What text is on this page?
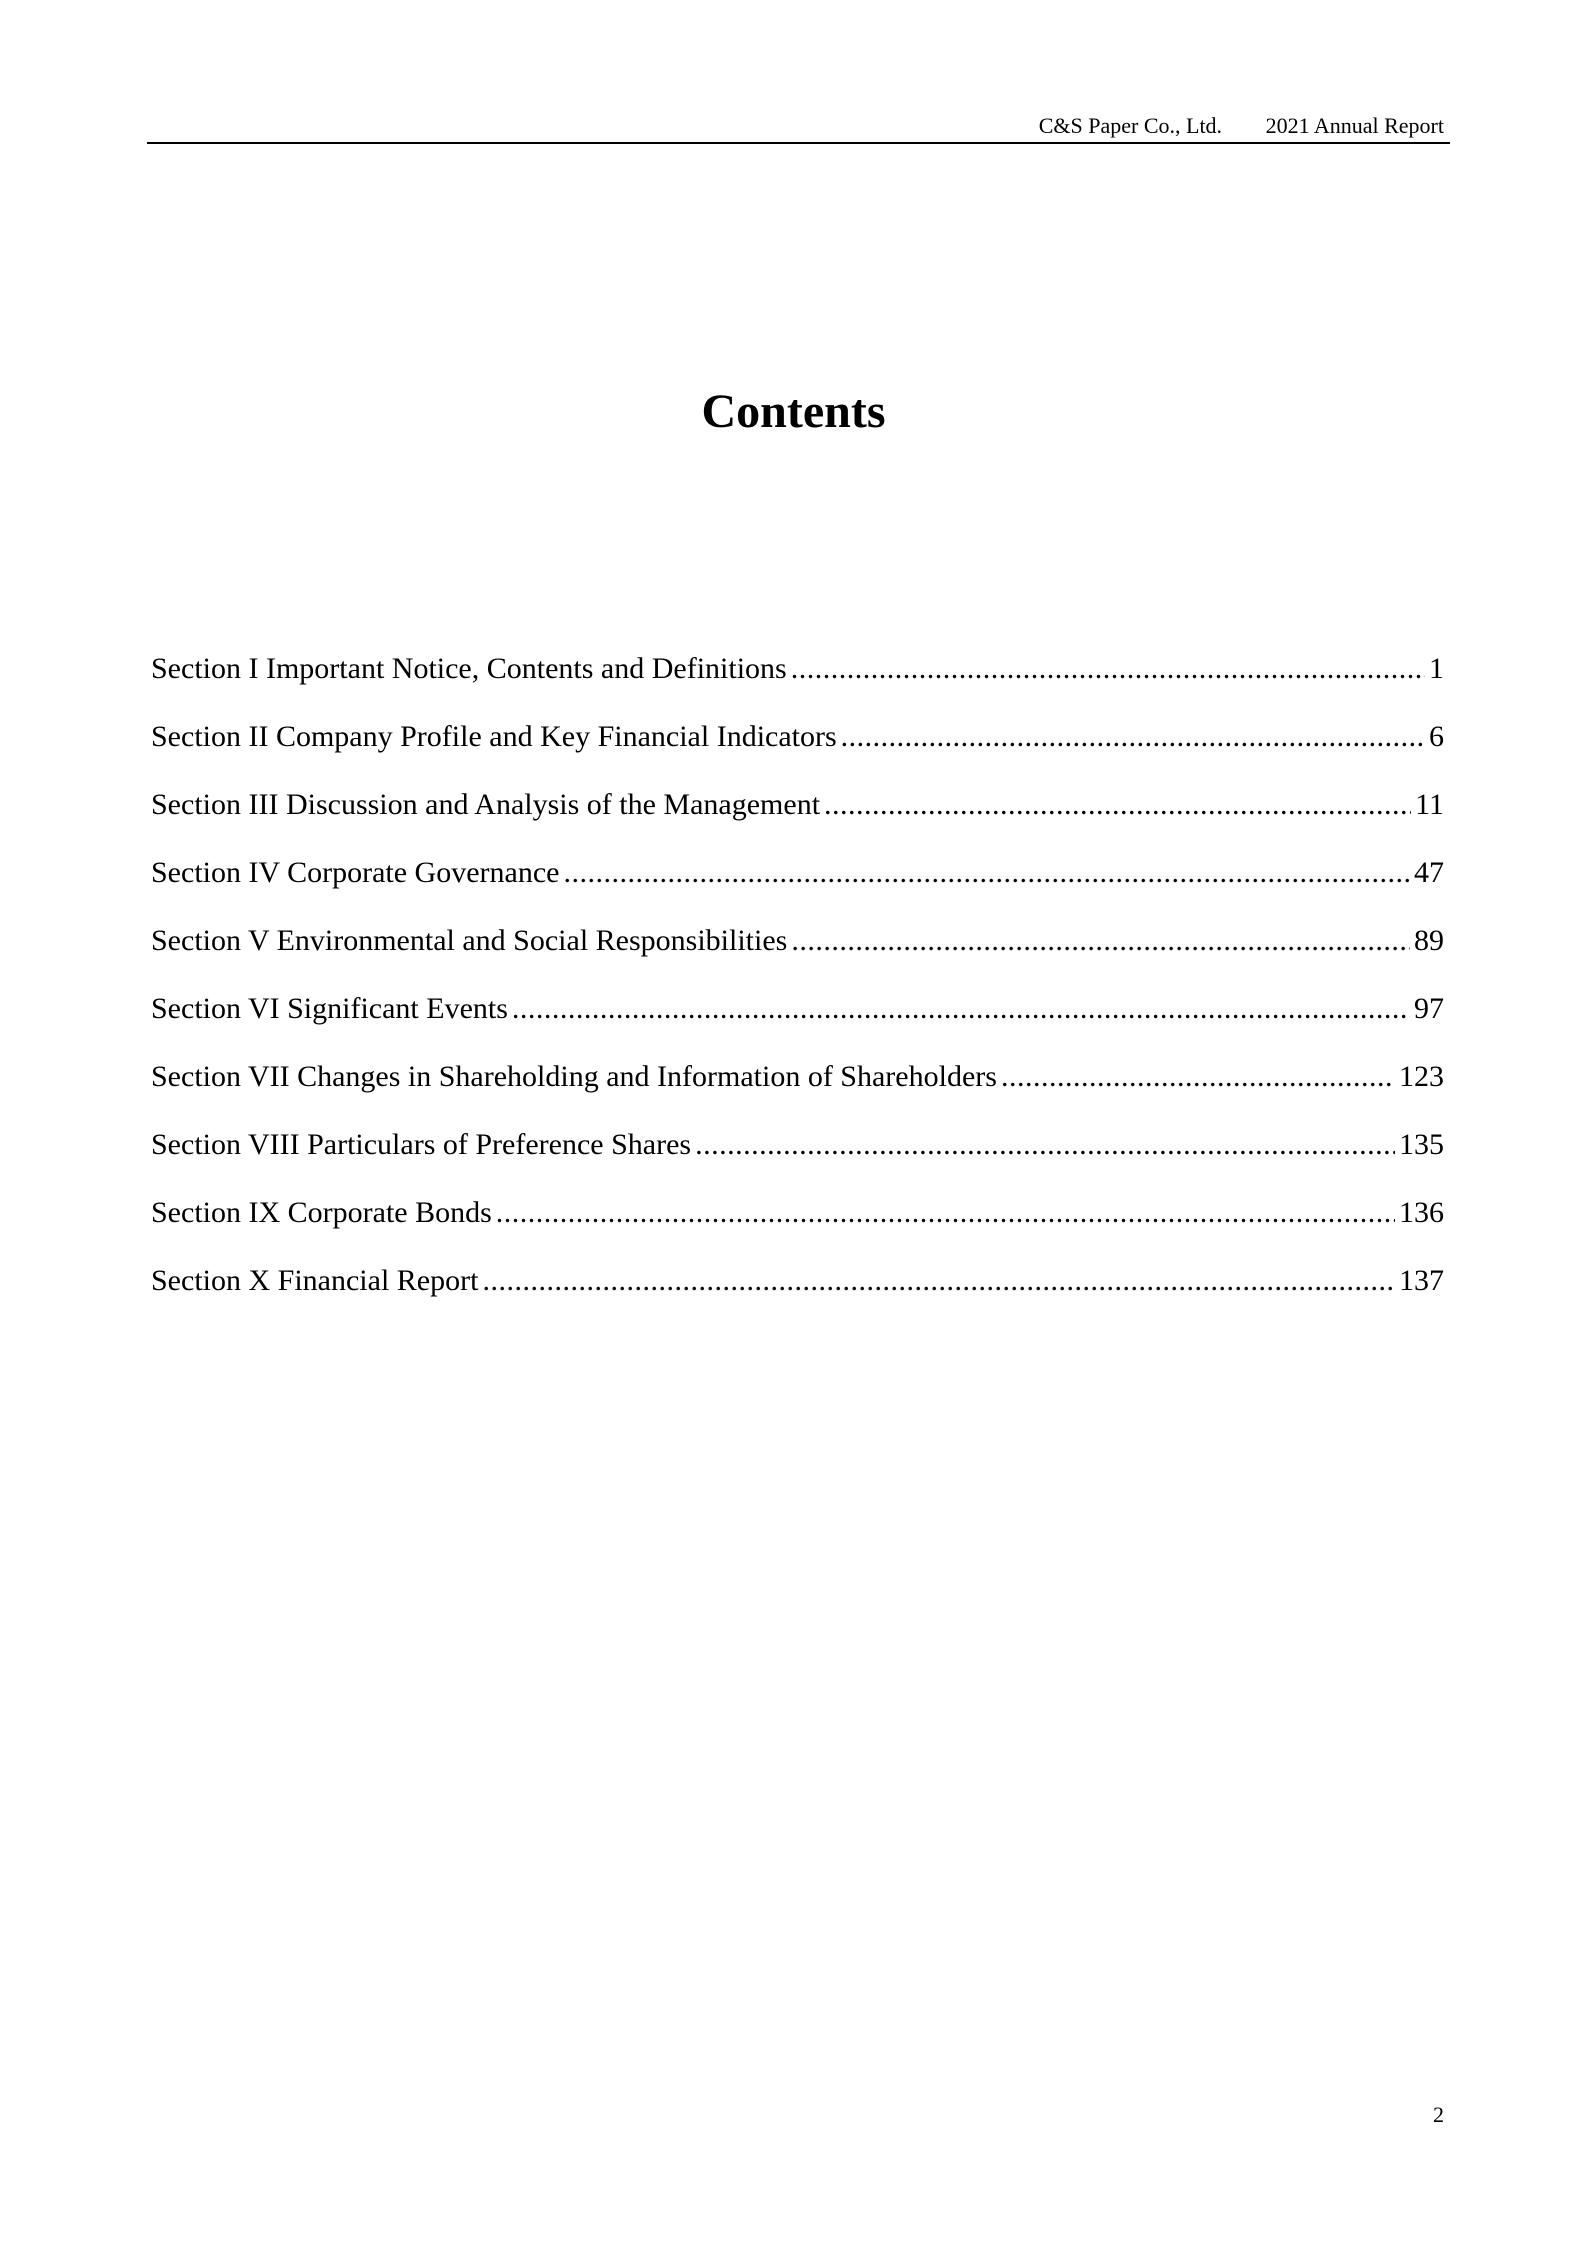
C&S Paper Co., Ltd. 2021 Annual Report
Contents
Section I Important Notice, Contents and Definitions .....	1
Section II Company Profile and Key Financial Indicators .....	6
Section III Discussion and Analysis of the Management .....	11
Section IV Corporate Governance .....	47
Section V Environmental and Social Responsibilities .....	89
Section VI Significant Events .....	97
Section VII Changes in Shareholding and Information of Shareholders .....	123
Section VIII Particulars of Preference Shares .....	135
Section IX Corporate Bonds .....	136
Section X Financial Report .....	137
2
